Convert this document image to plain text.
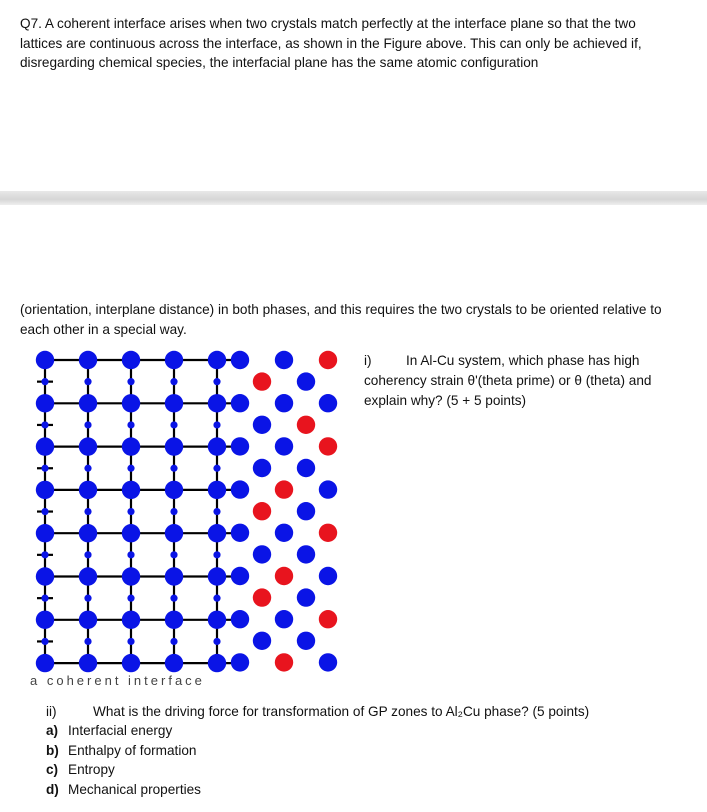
Q7. A coherent interface arises when two crystals match perfectly at the interface plane so that the two lattices are continuous across the interface, as shown in the Figure above. This can only be achieved if, disregarding chemical species, the interfacial plane has the same atomic configuration
(orientation, interplane distance) in both phases, and this requires the two crystals to be oriented relative to each other in a special way.
i)	In Al-Cu system, which phase has high coherency strain θ'(theta prime) or θ (theta) and explain why? (5 + 5 points)
a coherent interface
ii)	What is the driving force for transformation of GP zones to Al₂Cu phase? (5 points)
a) Interfacial energy
b) Enthalpy of formation
c) Entropy
d) Mechanical properties
